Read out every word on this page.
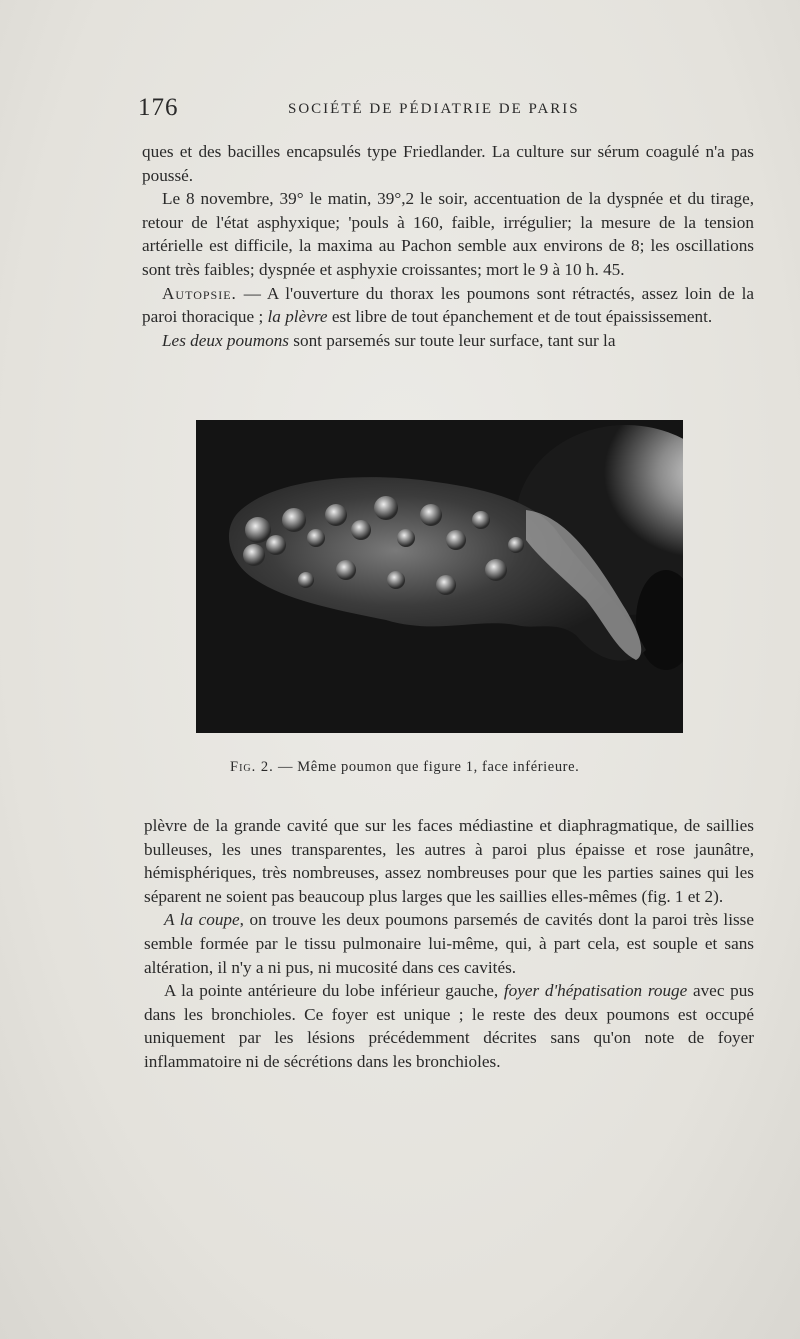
176	SOCIÉTÉ DE PÉDIATRIE DE PARIS

ques et des bacilles encapsulés type Friedlander. La culture sur sérum coagulé n'a pas poussé.

Le 8 novembre, 39° le matin, 39°,2 le soir, accentuation de la dyspnée et du tirage, retour de l'état asphyxique; 'pouls à 160, faible, irrégulier; la mesure de la tension artérielle est difficile, la maxima au Pachon semble aux environs de 8; les oscillations sont très faibles; dyspnée et asphyxie croissantes; mort le 9 à 10 h. 45.

Autopsie. — A l'ouverture du thorax les poumons sont rétractés, assez loin de la paroi thoracique ; la plèvre est libre de tout épanchement et de tout épaississement.

Les deux poumons sont parsemés sur toute leur surface, tant sur la

Fig. 2. — Même poumon que figure 1, face inférieure.

plèvre de la grande cavité que sur les faces médiastine et diaphragmatique, de saillies bulleuses, les unes transparentes, les autres à paroi plus épaisse et rose jaunâtre, hémisphériques, très nombreuses, assez nombreuses pour que les parties saines qui les séparent ne soient pas beaucoup plus larges que les saillies elles-mêmes (fig. 1 et 2).

A la coupe, on trouve les deux poumons parsemés de cavités dont la paroi très lisse semble formée par le tissu pulmonaire lui-même, qui, à part cela, est souple et sans altération, il n'y a ni pus, ni mucosité dans ces cavités.

A la pointe antérieure du lobe inférieur gauche, foyer d'hépatisation rouge avec pus dans les bronchioles. Ce foyer est unique ; le reste des deux poumons est occupé uniquement par les lésions précédemment décrites sans qu'on note de foyer inflammatoire ni de sécrétions dans les bronchioles.
